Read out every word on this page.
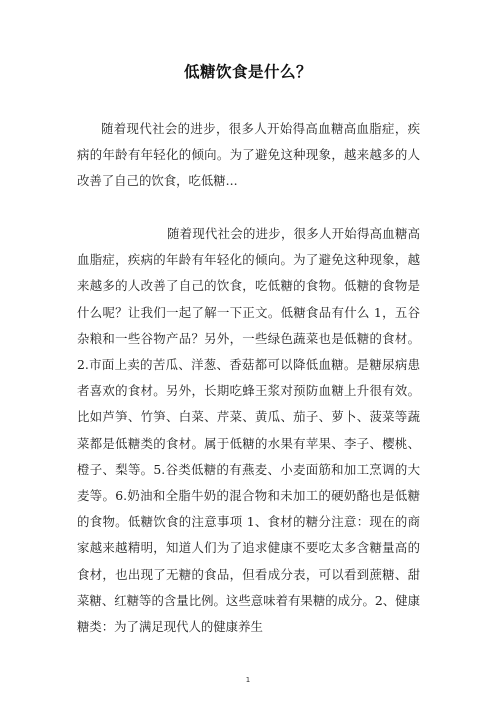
低糖饮食是什么？
随着现代社会的进步，很多人开始得高血糖高血脂症，疾病的年龄有年轻化的倾向。为了避免这种现象，越来越多的人改善了自己的饮食，吃低糖...
随着现代社会的进步，很多人开始得高血糖高血脂症，疾病的年龄有年轻化的倾向。为了避免这种现象，越来越多的人改善了自己的饮食，吃低糖的食物。低糖的食物是什么呢？让我们一起了解一下正文。低糖食品有什么 1，五谷杂粮和一些谷物产品？另外，一些绿色蔬菜也是低糖的食材。2.市面上卖的苦瓜、洋葱、香菇都可以降低血糖。是糖尿病患者喜欢的食材。另外，长期吃蜂王浆对预防血糖上升很有效。比如芦笋、竹笋、白菜、芹菜、黄瓜、茄子、萝卜、菠菜等蔬菜都是低糖类的食材。属于低糖的水果有苹果、李子、樱桃、橙子、梨等。5.谷类低糖的有燕麦、小麦面筋和加工烹调的大麦等。6.奶油和全脂牛奶的混合物和未加工的硬奶酪也是低糖的食物。低糖饮食的注意事项 1、食材的糖分注意：现在的商家越来越精明，知道人们为了追求健康不要吃太多含糖量高的食材，也出现了无糖的食品，但看成分表，可以看到蔗糖、甜菜糖、红糖等的含量比例。这些意味着有果糖的成分。2、健康糖类：为了满足现代人的健康养生
1
